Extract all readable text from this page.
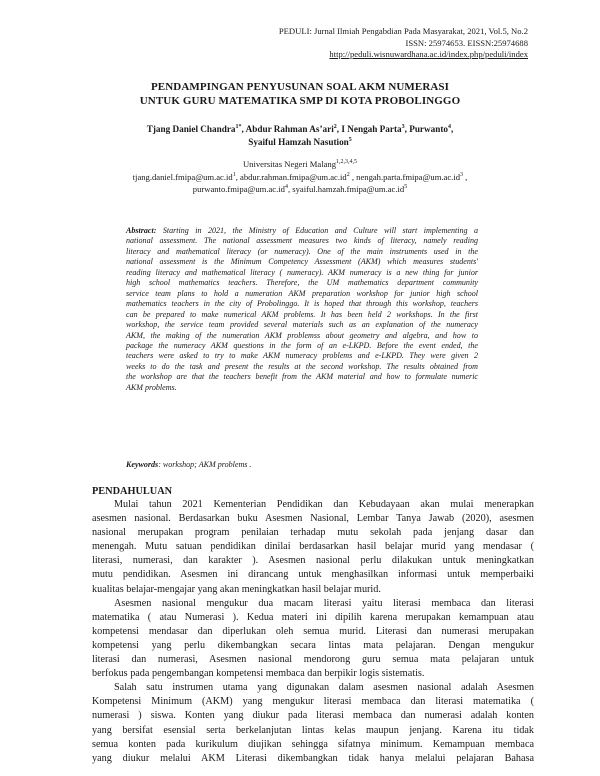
PEDULI: Jurnal Ilmiah Pengabdian Pada Masyarakat, 2021, Vol.5, No.2
ISSN: 25974653. EISSN:25974688
http://peduli.wisnuwardhana.ac.id/index.php/peduli/index
PENDAMPINGAN PENYUSUNAN SOAL AKM NUMERASI
UNTUK GURU MATEMATIKA SMP DI KOTA PROBOLINGGO
Tjang Daniel Chandra$^{1*}$, Abdur Rahman As’ari$^2$, I Nengah Parta$^3$, Purwanto$^4$,
Syaiful Hamzah Nasution$^5$
Universitas Negeri Malang$^{1,2,3,4,5}$
$tjang.daniel.fmipa@um.ac.id^1$, $abdur.rahman.fmipa@um.ac.id^2$ , $nengah.parta.fmipa@um.ac.id^3$ ,
$purwanto.fmipa@um.ac.id^4$, $syaiful.hamzah.fmipa@um.ac.id^5$
Abstract: Starting in 2021, the Ministry of Education and Culture will start implementing a
national assessment. The national assessment measures two kinds of literacy, namely reading
literacy and mathematical literacy (or numeracy). One of the main instruments used in the
national assessment is the Minimum Competency Assessment (AKM) which measures students'
reading literacy and mathematical literacy ( numeracy). AKM numeracy is a new thing for junior
high school mathematics teachers. Therefore, the UM mathematics department community
service team plans to hold a numeration AKM preparation workshop for junior high school
mathematics teachers in the city of Probolinggo. It is hoped that through this workshop, teachers
can be prepared to make numerical AKM problems. It has been held 2 workshops. In the first
workshop, the service team provided several materials such as an explanation of the numeracy
AKM, the making of the numeration AKM problemss about geometry and algebra, and how to
package the numeracy AKM questions in the form of an e-LKPD. Before the event ended, the
teachers were asked to try to make AKM numeracy problems and e-LKPD. They were given 2
weeks to do the task and present the results at the second workshop. The results obtained from
the workshop are that the teachers benefit from the AKM material and how to formulate numeric
AKM problems.
Keywords: workshop; AKM problems .
PENDAHULUAN

Mulai tahun 2021 Kementerian Pendidikan dan Kebudayaan akan mulai menerapkan
asesmen nasional. Berdasarkan buku Asesmen Nasional, Lembar Tanya Jawab (2020), asesmen
nasional merupakan program penilaian terhadap mutu sekolah pada jenjang dasar dan
menengah. Mutu satuan pendidikan dinilai berdasarkan hasil belajar murid yang mendasar (
literasi, numerasi, dan karakter ). Asesmen nasional perlu dilakukan untuk meningkatkan
mutu pendidikan. Asesmen ini dirancang untuk menghasilkan informasi untuk memperbaiki
kualitas belajar-mengajar yang akan meningkatkan hasil belajar murid.

Asesmen nasional mengukur dua macam literasi yaitu literasi membaca dan literasi
matematika ( atau Numerasi ). Kedua materi ini dipilih karena merupakan kemampuan atau
kompetensi mendasar dan diperlukan oleh semua murid. Literasi dan numerasi merupakan
kompetensi yang perlu dikembangkan secara lintas mata pelajaran. Dengan mengukur
literasi dan numerasi, Asesmen nasional mendorong guru semua mata pelajaran untuk
berfokus pada pengembangan kompetensi membaca dan berpikir logis sistematis.

Salah satu instrumen utama yang digunakan dalam asesmen nasional adalah Asesmen
Kompetensi Minimum (AKM) yang mengukur literasi membaca dan literasi matematika (
numerasi ) siswa. Konten yang diukur pada literasi membaca dan numerasi adalah konten
yang bersifat esensial serta berkelanjutan lintas kelas maupun jenjang. Karena itu tidak
semua konten pada kurikulum diujikan sehingga sifatnya minimum. Kemampuan membaca
yang diukur melalui AKM Literasi dikembangkan tidak hanya melalui pelajaran Bahasa
